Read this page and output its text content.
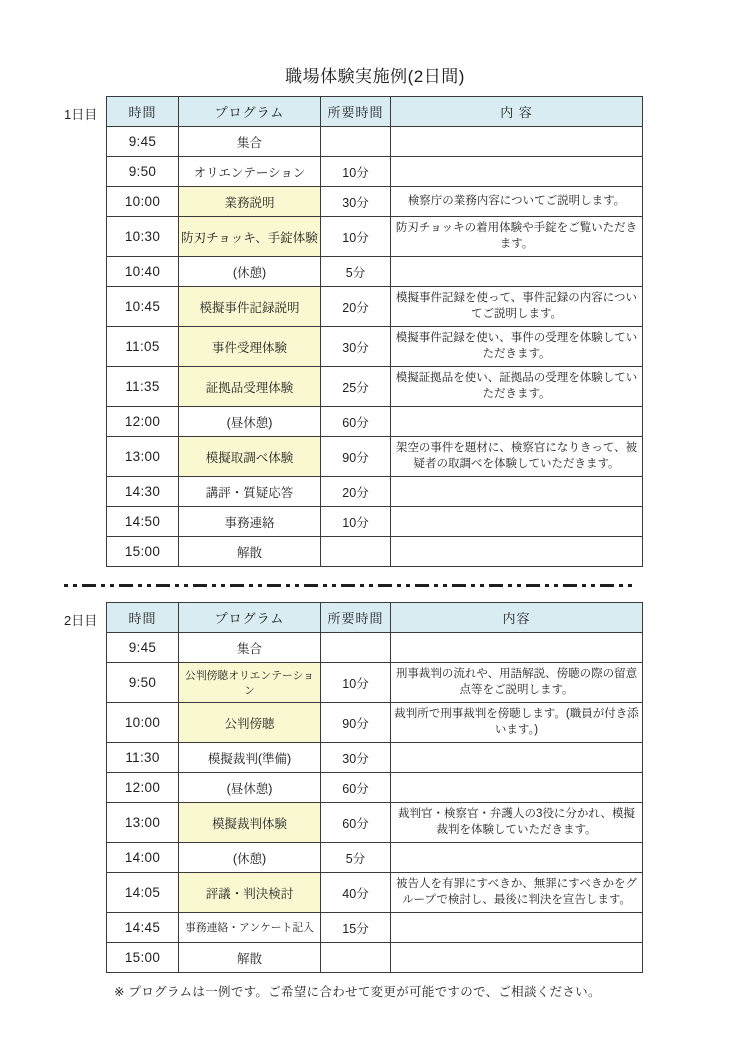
職場体験実施例(2日間)
1日目	時間	プログラム	所要時間	内 容
9:45	集合		
9:50	オリエンテーション	10分	
10:00	業務説明	30分	検察庁の業務内容についてご説明します。
10:30	防刃チョッキ、手錠体験	10分	防刃チョッキの着用体験や手錠をご覧いただきます。
10:40	(休憩)	5分	
10:45	模擬事件記録説明	20分	模擬事件記録を使って、事件記録の内容についてご説明します。
11:05	事件受理体験	30分	模擬事件記録を使い、事件の受理を体験していただきます。
11:35	証拠品受理体験	25分	模擬証拠品を使い、証拠品の受理を体験していただきます。
12:00	(昼休憩)	60分	
13:00	模擬取調べ体験	90分	架空の事件を題材に、検察官になりきって、被疑者の取調べを体験していただきます。
14:30	講評・質疑応答	20分	
14:50	事務連絡	10分	
15:00	解散		
2日目	時間	プログラム	所要時間	内容
9:45	集合		
9:50	公判傍聴オリエンテーション	10分	刑事裁判の流れや、用語解説、傍聴の際の留意点等をご説明します。
10:00	公判傍聴	90分	裁判所で刑事裁判を傍聴します。(職員が付き添います。)
11:30	模擬裁判(準備)	30分	
12:00	(昼休憩)	60分	
13:00	模擬裁判体験	60分	裁判官・検察官・弁護人の3役に分かれ、模擬裁判を体験していただきます。
14:00	(休憩)	5分	
14:05	評議・判決検討	40分	被告人を有罪にすべきか、無罪にすべきかをグループで検討し、最後に判決を宣告します。
14:45	事務連絡・アンケート記入	15分	
15:00	解散		

※ プログラムは一例です。ご希望に合わせて変更が可能ですので、ご相談ください。
